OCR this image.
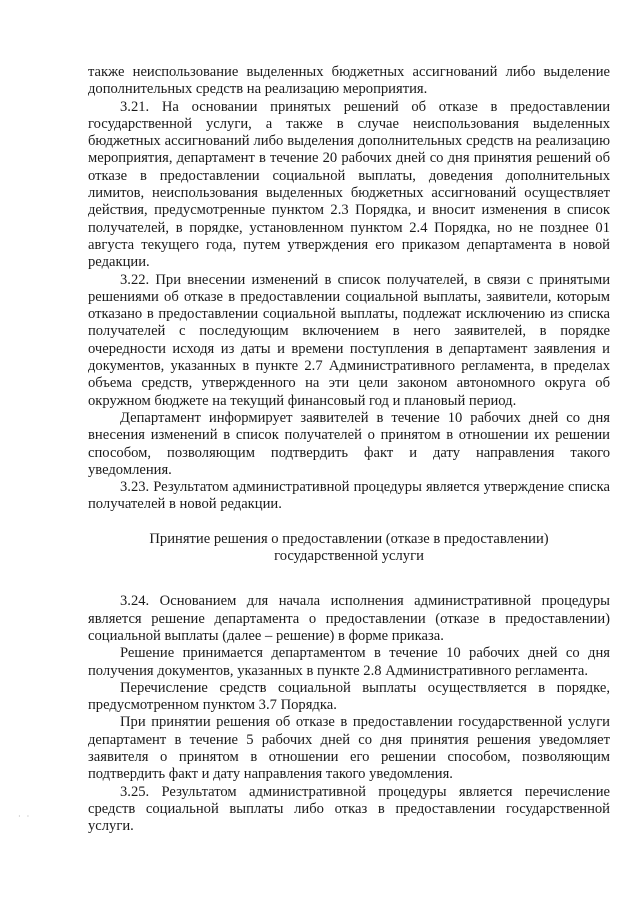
также неиспользование выделенных бюджетных ассигнований либо выделение дополнительных средств на реализацию мероприятия.

3.21. На основании принятых решений об отказе в предоставлении государственной услуги, а также в случае неиспользования выделенных бюджетных ассигнований либо выделения дополнительных средств на реализацию мероприятия, департамент в течение 20 рабочих дней со дня принятия решений об отказе в предоставлении социальной выплаты, доведения дополнительных лимитов, неиспользования выделенных бюджетных ассигнований осуществляет действия, предусмотренные пунктом 2.3 Порядка, и вносит изменения в список получателей, в порядке, установленном пунктом 2.4 Порядка, но не позднее 01 августа текущего года, путем утверждения его приказом департамента в новой редакции.

3.22. При внесении изменений в список получателей, в связи с принятыми решениями об отказе в предоставлении социальной выплаты, заявители, которым отказано в предоставлении социальной выплаты, подлежат исключению из списка получателей с последующим включением в него заявителей, в порядке очередности исходя из даты и времени поступления в департамент заявления и документов, указанных в пункте 2.7 Административного регламента, в пределах объема средств, утвержденного на эти цели законом автономного округа об окружном бюджете на текущий финансовый год и плановый период.

Департамент информирует заявителей в течение 10 рабочих дней со дня внесения изменений в список получателей о принятом в отношении их решении способом, позволяющим подтвердить факт и дату направления такого уведомления.

3.23. Результатом административной процедуры является утверждение списка получателей в новой редакции.

Принятие решения о предоставлении (отказе в предоставлении)
государственной услуги

3.24. Основанием для начала исполнения административной процедуры является решение департамента о предоставлении (отказе в предоставлении) социальной выплаты (далее – решение) в форме приказа.

Решение принимается департаментом в течение 10 рабочих дней со дня получения документов, указанных в пункте 2.8 Административного регламента.

Перечисление средств социальной выплаты осуществляется в порядке, предусмотренном пунктом 3.7 Порядка.

При принятии решения об отказе в предоставлении государственной услуги департамент в течение 5 рабочих дней со дня принятия решения уведомляет заявителя о принятом в отношении его решении способом, позволяющим подтвердить факт и дату направления такого уведомления.

3.25. Результатом административной процедуры является перечисление средств социальной выплаты либо отказ в предоставлении государственной услуги.

· ·
